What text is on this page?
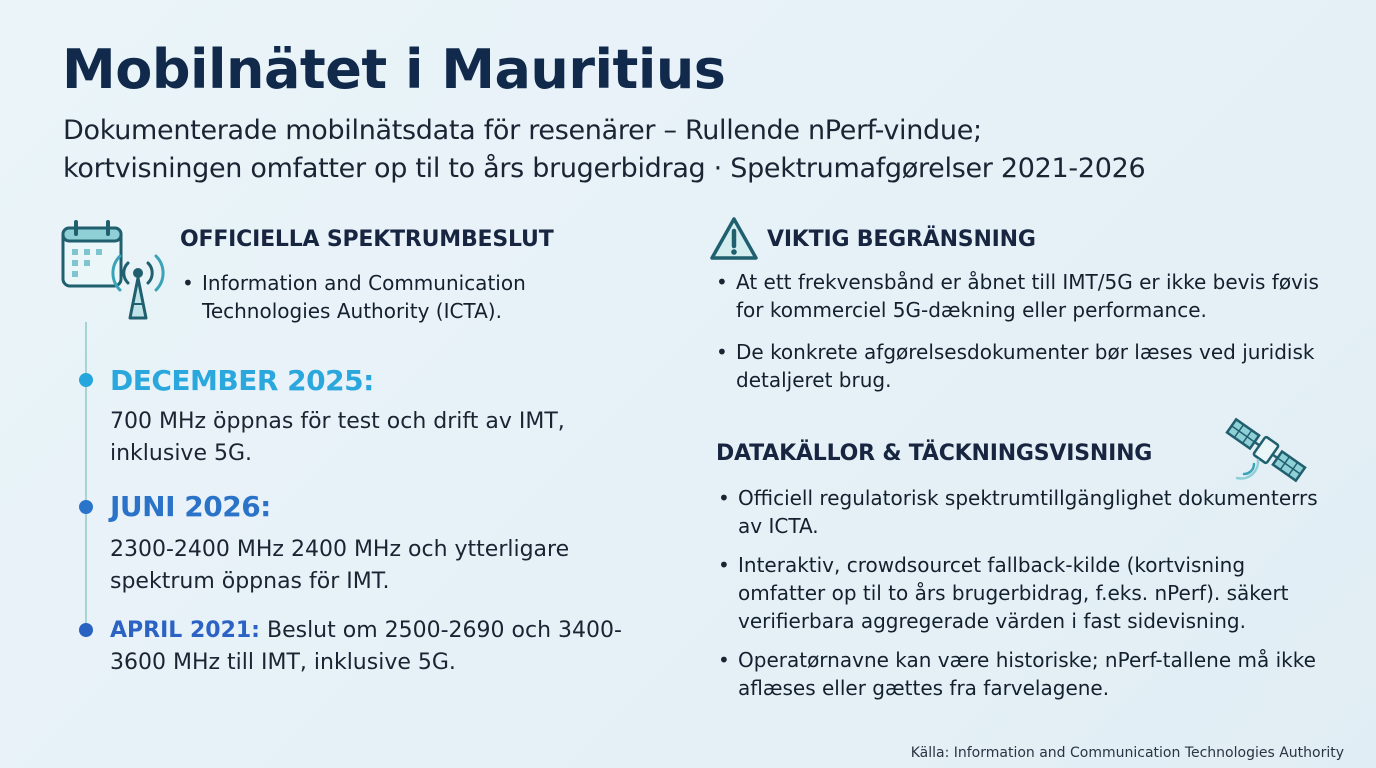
Mobilnätet i Mauritius
Dokumenterade mobilnätsdata för resenärer – Rullende nPerf-vindue;
kortvisningen omfatter op til to års brugerbidrag · Spektrumafgørelser 2021-2026
OFFICIELLA SPEKTRUMBESLUT
• Information and Communication Technologies Authority (ICTA).
DECEMBER 2025:
700 MHz öppnas för test och drift av IMT, inklusive 5G.
JUNI 2026:
2300-2400 MHz 2400 MHz och ytterligare spektrum öppnas för IMT.
APRIL 2021: Beslut om 2500-2690 och 3400-3600 MHz till IMT, inklusive 5G.
VIKTIG BEGRÄNSNING
• At ett frekvensbånd er åbnet till IMT/5G er ikke bevis føvis for kommerciel 5G-dækning eller performance.
• De konkrete afgørelsesdokumenter bør læses ved juridisk detaljeret brug.
DATAKÄLLOR & TÄCKNINGSVISNING
• Officiell regulatorisk spektrumtillgänglighet dokumenterrs av ICTA.
• Interaktiv, crowdsourcet fallback-kilde (kortvisning omfatter op til to års brugerbidrag, f.eks. nPerf). säkert verifierbara aggregerade värden i fast sidevisning.
• Operatørnavne kan være historiske; nPerf-tallene må ikke aflæses eller gættes fra farvelagene.
Källa: Information and Communication Technologies Authority
